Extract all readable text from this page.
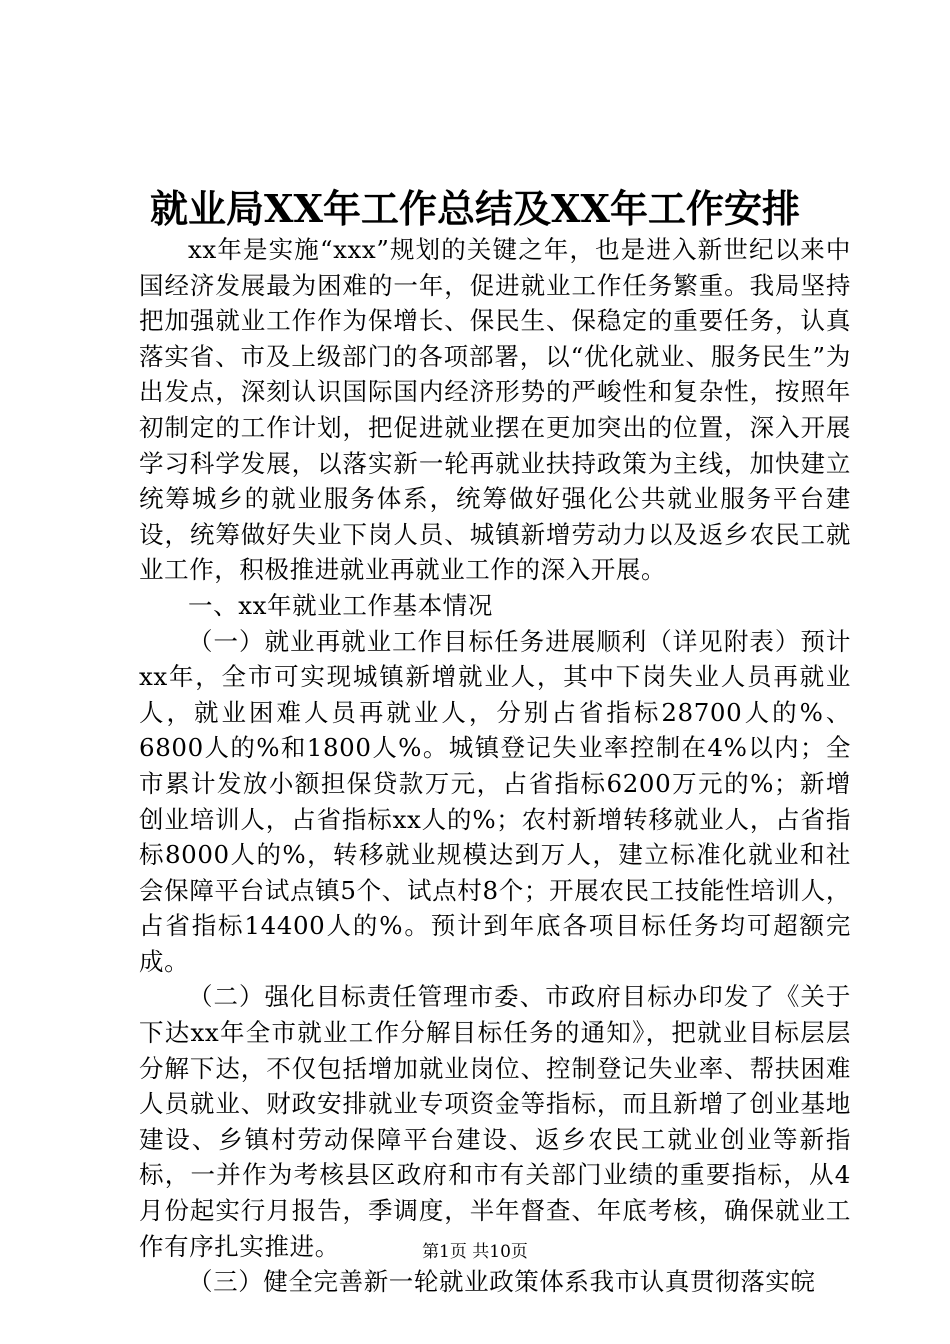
就业局XX年工作总结及XX年工作安排

xx年是实施“xxx”规划的关键之年，也是进入新世纪以来中国经济发展最为困难的一年，促进就业工作任务繁重。我局坚持把加强就业工作作为保增长、保民生、保稳定的重要任务，认真落实省、市及上级部门的各项部署，以“优化就业、服务民生”为出发点，深刻认识国际国内经济形势的严峻性和复杂性，按照年初制定的工作计划，把促进就业摆在更加突出的位置，深入开展学习科学发展，以落实新一轮再就业扶持政策为主线，加快建立统筹城乡的就业服务体系，统筹做好强化公共就业服务平台建设，统筹做好失业下岗人员、城镇新增劳动力以及返乡农民工就业工作，积极推进就业再就业工作的深入开展。

一、xx年就业工作基本情况

（一）就业再就业工作目标任务进展顺利（详见附表）预计xx年，全市可实现城镇新增就业人，其中下岗失业人员再就业人，就业困难人员再就业人，分别占省指标28700人的%、6800人的%和1800人%。城镇登记失业率控制在4%以内；全市累计发放小额担保贷款万元，占省指标6200万元的%；新增创业培训人，占省指标xx人的%；农村新增转移就业人，占省指标8000人的%，转移就业规模达到万人，建立标准化就业和社会保障平台试点镇5个、试点村8个；开展农民工技能性培训人，占省指标14400人的%。预计到年底各项目标任务均可超额完成。

（二）强化目标责任管理市委、市政府目标办印发了《关于下达xx年全市就业工作分解目标任务的通知》，把就业目标层层分解下达，不仅包括增加就业岗位、控制登记失业率、帮扶困难人员就业、财政安排就业专项资金等指标，而且新增了创业基地建设、乡镇村劳动保障平台建设、返乡农民工就业创业等新指标，一并作为考核县区政府和市有关部门业绩的重要指标，从4月份起实行月报告，季调度，半年督查、年底考核，确保就业工作有序扎实推进。

（三）健全完善新一轮就业政策体系我市认真贯彻落实皖

第1页 共10页
